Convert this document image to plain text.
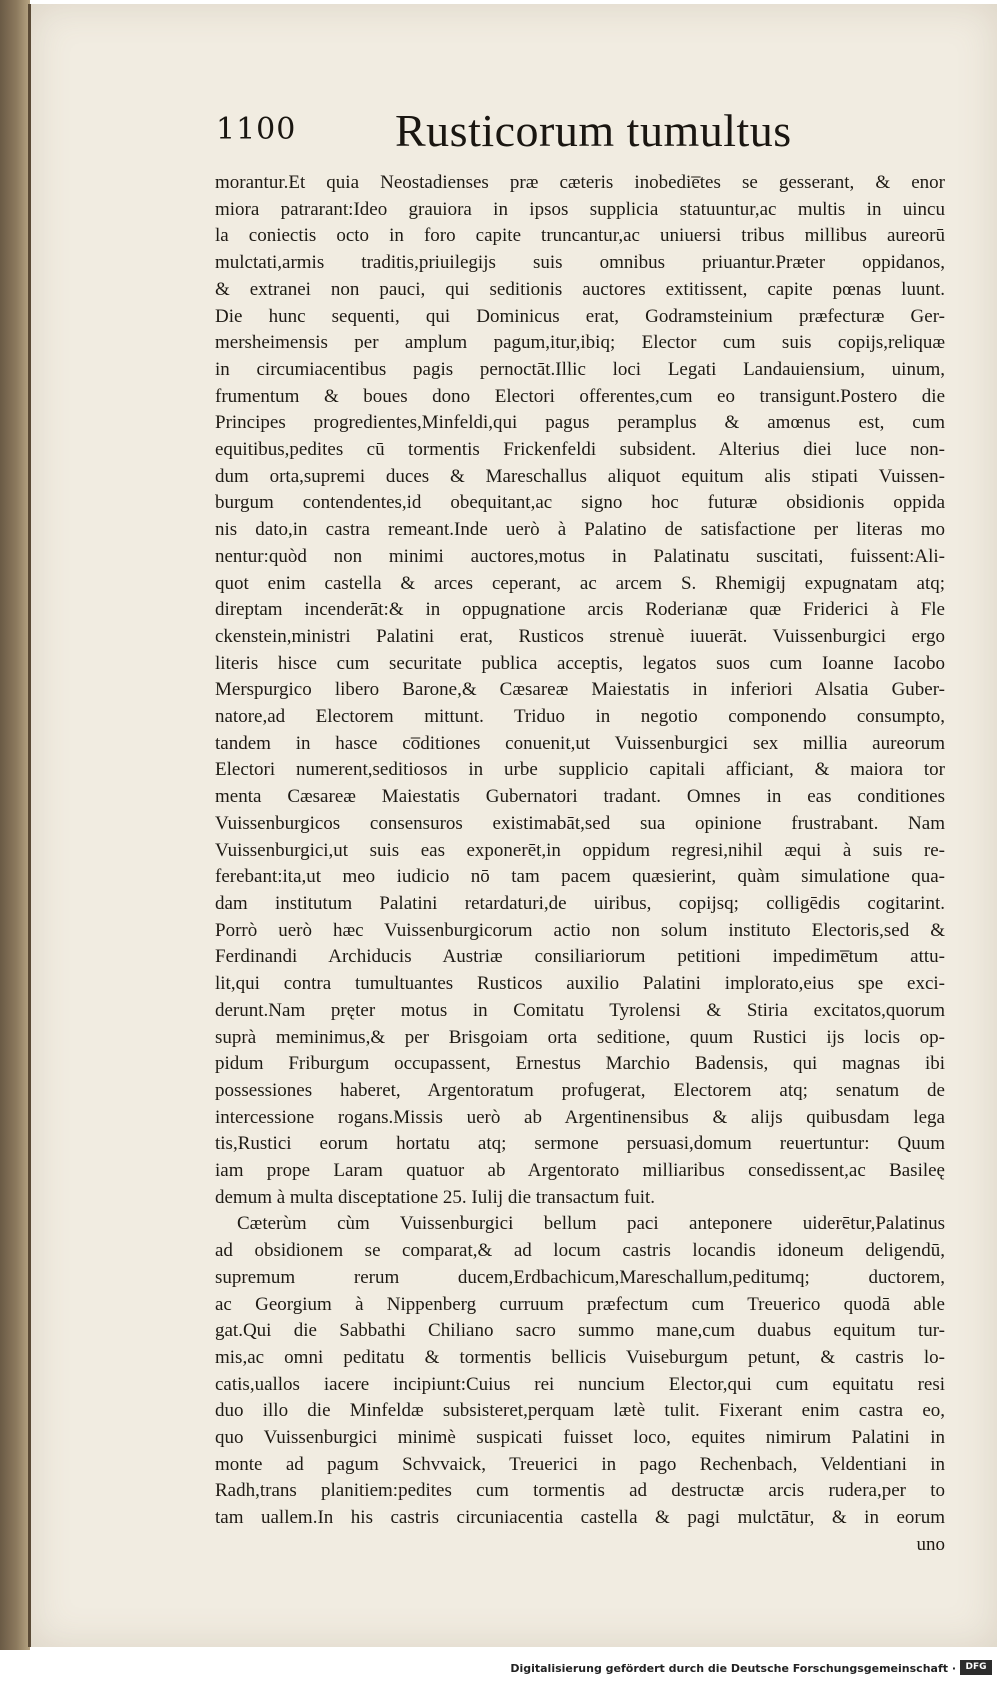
1100 Rusticorum tumultus
morantur.Et quia Neostadienses præ cæteris inobedie̅tes se gesserant, & enor
miora patrarant:Ideo grauiora in ipsos supplicia statuuntur,ac multis in uincu
la coniectis octo in foro capite truncantur,ac uniuersi tribus millibus aureorū
mulctati,armis traditis,priuilegijs suis omnibus priuantur.Præter oppidanos,
& extranei non pauci, qui seditionis auctores extitissent, capite pœnas luunt.
Die hunc sequenti, qui Dominicus erat, Godramsteinium præfecturæ Ger-
mersheimensis per amplum pagum,itur,ibiq; Elector cum suis copijs,reliquæ
in circumiacentibus pagis pernoctāt.Illic loci Legati Landauiensium, uinum,
frumentum & boues dono Electori offerentes,cum eo transigunt.Postero die
Principes progredientes,Minfeldi,qui pagus peramplus & amœnus est, cum
equitibus,pedites cū tormentis Frickenfeldi subsident. Alterius diei luce non-
dum orta,supremi duces & Mareschallus aliquot equitum alis stipati Vuissen-
burgum contendentes,id obequitant,ac signo hoc futuræ obsidionis oppida
nis dato,in castra remeant.Inde uerò à Palatino de satisfactione per literas mo
nentur:quòd non minimi auctores,motus in Palatinatu suscitati, fuissent:Ali-
quot enim castella & arces ceperant, ac arcem S. Rhemigij expugnatam atq;
direptam incenderāt:& in oppugnatione arcis Roderianæ quæ Friderici à Fle
ckenstein,ministri Palatini erat, Rusticos strenuè iuuerāt. Vuissenburgici ergo
literis hisce cum securitate publica acceptis, legatos suos cum Ioanne Iacobo
Merspurgico libero Barone,& Cæsareæ Maiestatis in inferiori Alsatia Guber-
natore,ad Electorem mittunt. Triduo in negotio componendo consumpto,
tandem in hasce co̅ditiones conuenit,ut Vuissenburgici sex millia aureorum
Electori numerent,seditiosos in urbe supplicio capitali afficiant, & maiora tor
menta Cæsareæ Maiestatis Gubernatori tradant. Omnes in eas conditiones
Vuissenburgicos consensuros existimabāt,sed sua opinione frustrabant. Nam
Vuissenburgici,ut suis eas exponerēt,in oppidum regresi,nihil æqui à suis re-
ferebant:ita,ut meo iudicio nō tam pacem quæsierint, quàm simulatione qua-
dam institutum Palatini retardaturi,de uiribus, copijsq; colligēdis cogitarint.
Porrò uerò hæc Vuissenburgicorum actio non solum instituto Electoris,sed &
Ferdinandi Archiducis Austriæ consiliariorum petitioni impedime̅tum attu-
lit,qui contra tumultuantes Rusticos auxilio Palatini implorato,eius spe exci-
derunt.Nam pręter motus in Comitatu Tyrolensi & Stiria excitatos,quorum
suprà meminimus,& per Brisgoiam orta seditione, quum Rustici ijs locis op-
pidum Friburgum occupassent, Ernestus Marchio Badensis, qui magnas ibi
possessiones haberet, Argentoratum profugerat, Electorem atq; senatum de
intercessione rogans.Missis uerò ab Argentinensibus & alijs quibusdam lega
tis,Rustici eorum hortatu atq; sermone persuasi,domum reuertuntur: Quum
iam prope Laram quatuor ab Argentorato milliaribus consedissent,ac Basileę
demum à multa disceptatione 25. Iulij die transactum fuit.
Cæterùm cùm Vuissenburgici bellum paci anteponere uiderētur,Palatinus
ad obsidionem se comparat,& ad locum castris locandis idoneum deligendū,
supremum rerum ducem,Erdbachicum,Mareschallum,peditumq; ductorem,
ac Georgium à Nippenberg curruum præfectum cum Treuerico quodā able
gat.Qui die Sabbathi Chiliano sacro summo mane,cum duabus equitum tur-
mis,ac omni peditatu & tormentis bellicis Vuiseburgum petunt, & castris lo-
catis,uallos iacere incipiunt:Cuius rei nuncium Elector,qui cum equitatu resi
duo illo die Minfeldæ subsisteret,perquam lætè tulit. Fixerant enim castra eo,
quo Vuissenburgici minimè suspicati fuisset loco, equites nimirum Palatini in
monte ad pagum Schvvaick, Treuerici in pago Rechenbach, Veldentiani in
Radh,trans planitiem:pedites cum tormentis ad destructæ arcis rudera,per to
tam uallem.In his castris circuniacentia castella & pagi mulctātur, & in eorum
uno
Digitalisierung gefördert durch die Deutsche Forschungsgemeinschaft ·	DFG
